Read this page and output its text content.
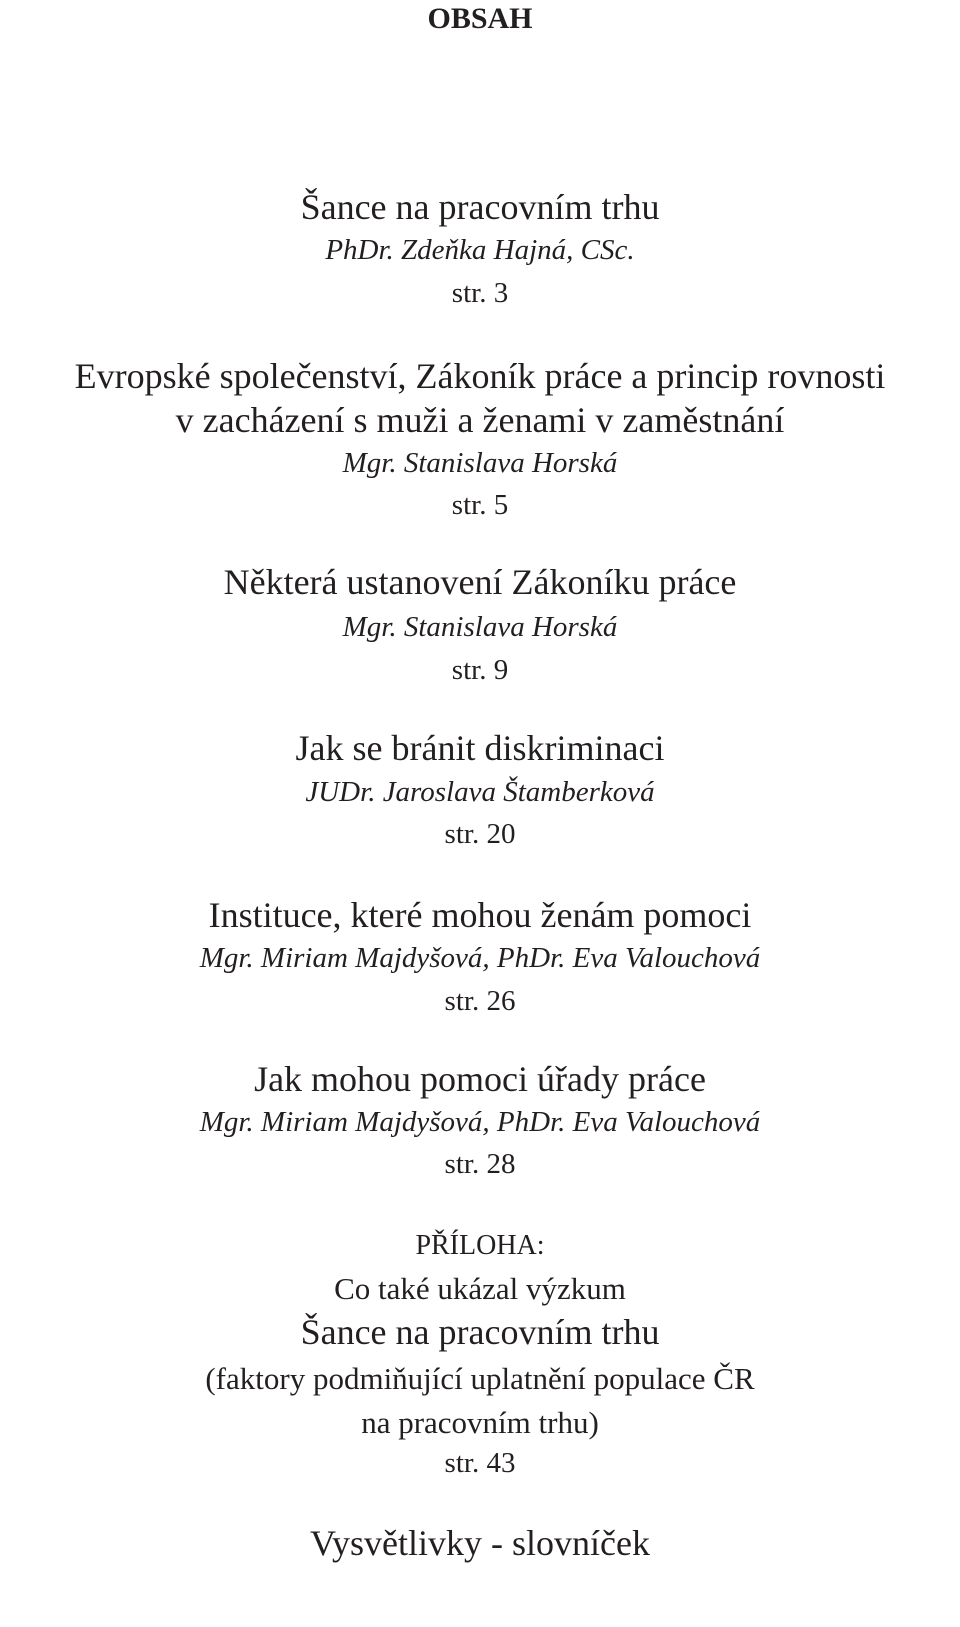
OBSAH
Šance na pracovním trhu
PhDr. Zdeňka Hajná, CSc.
str. 3
Evropské společenství, Zákoník práce a princip rovnosti
v zacházení s muži a ženami v zaměstnání
Mgr. Stanislava Horská
str. 5
Některá ustanovení Zákoníku práce
Mgr. Stanislava Horská
str. 9
Jak se bránit diskriminaci
JUDr. Jaroslava Štamberková
str. 20
Instituce, které mohou ženám pomoci
Mgr. Miriam Majdyšová, PhDr. Eva Valouchová
str. 26
Jak mohou pomoci úřady práce
Mgr. Miriam Majdyšová, PhDr. Eva Valouchová
str. 28
PŘÍLOHA:
Co také ukázal výzkum
Šance na pracovním trhu
(faktory podmiňující uplatnění populace ČR
na pracovním trhu)
str. 43
Vysvětlivky - slovníček
